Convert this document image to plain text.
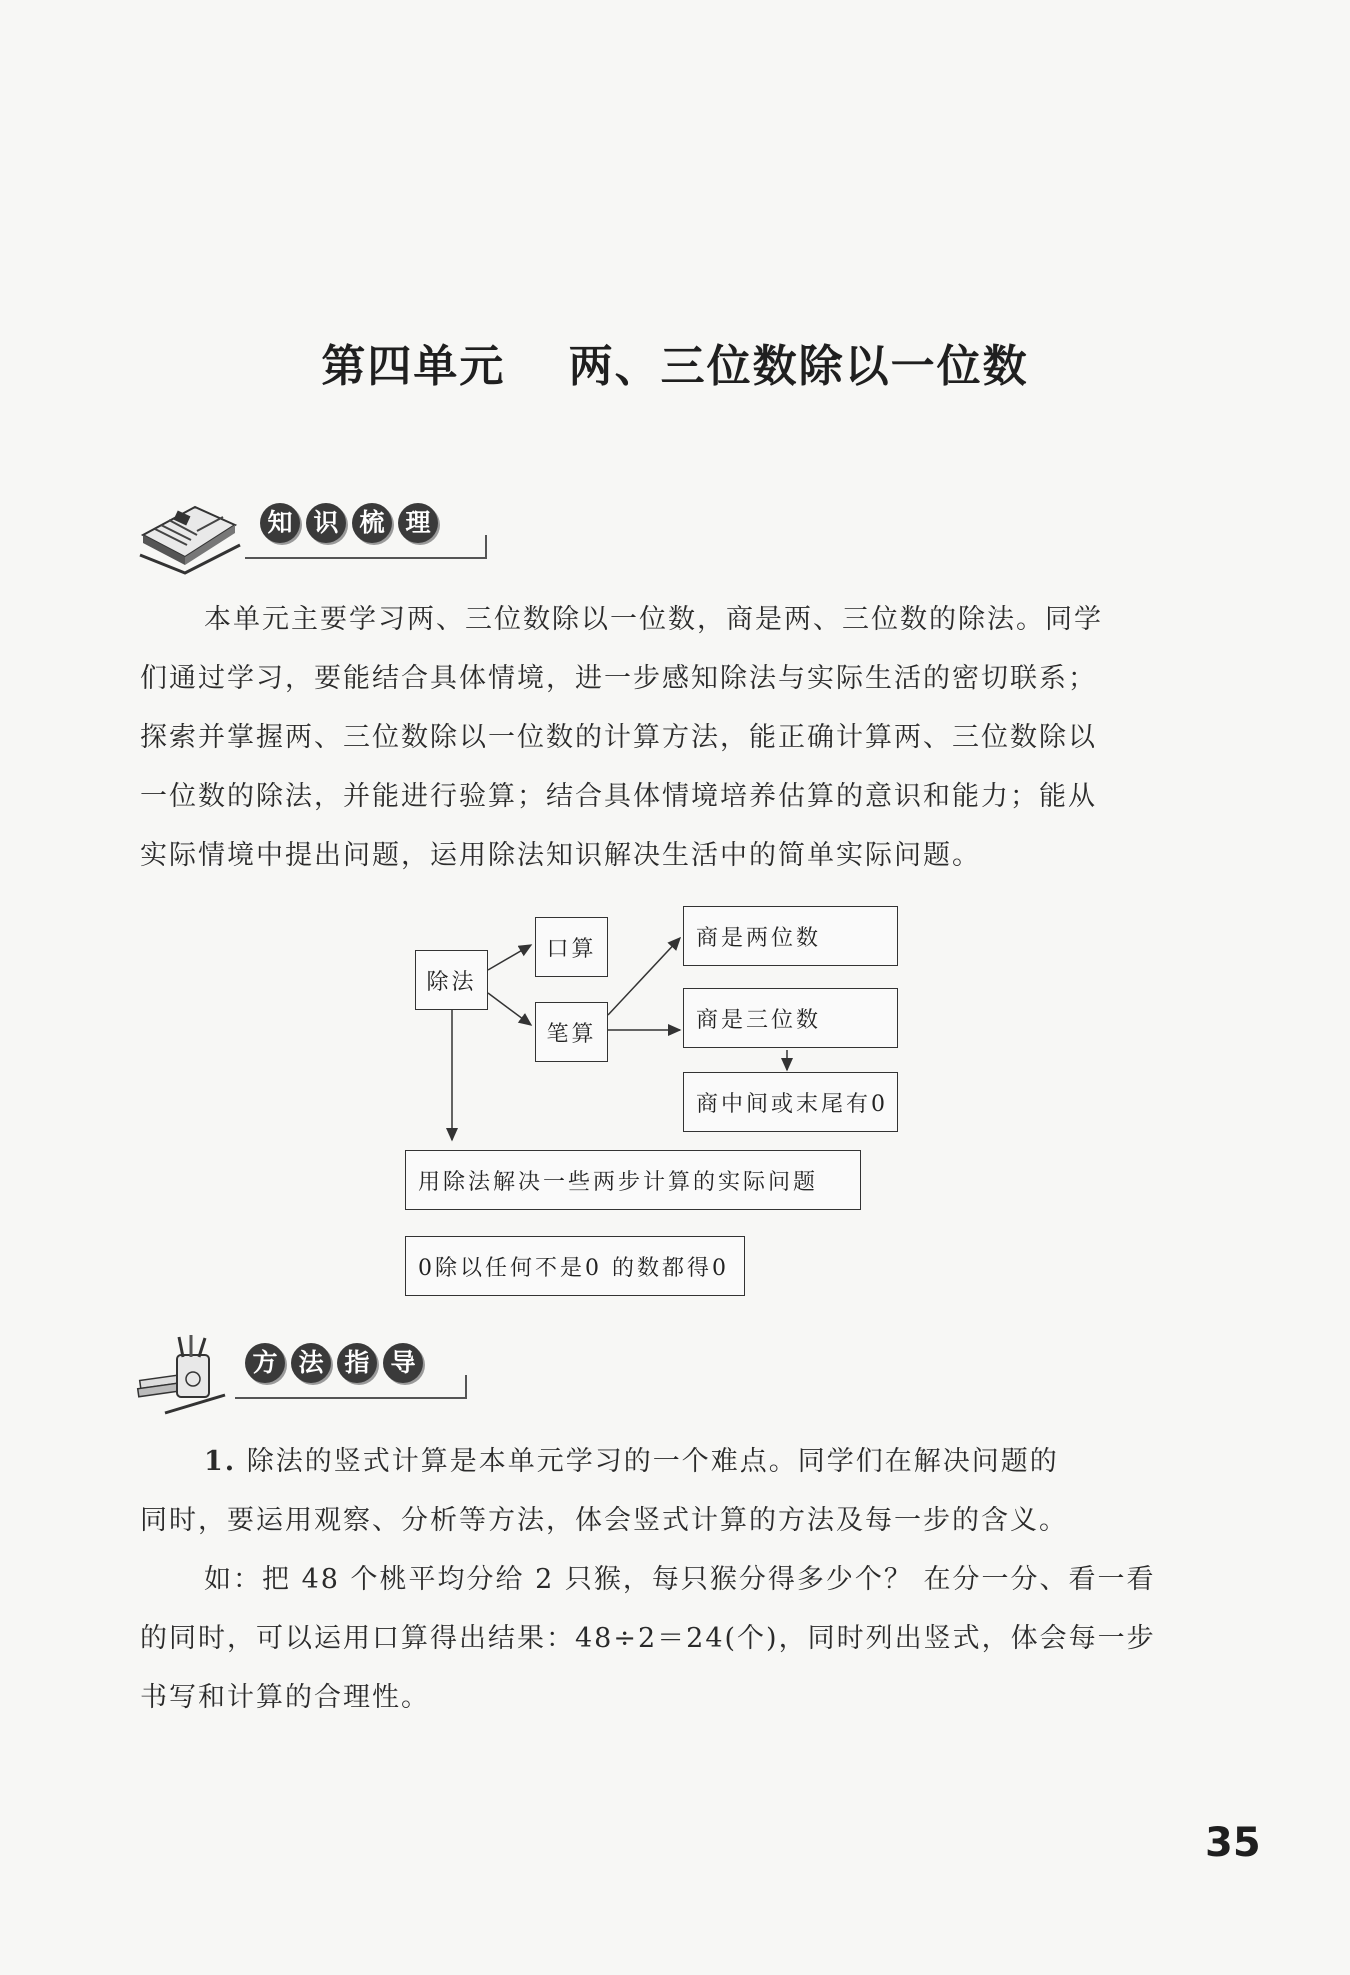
第四单元　 两、三位数除以一位数
知 识 梳 理
本单元主要学习两、三位数除以一位数，商是两、三位数的除法。同学
们通过学习，要能结合具体情境，进一步感知除法与实际生活的密切联系；
探索并掌握两、三位数除以一位数的计算方法，能正确计算两、三位数除以
一位数的除法，并能进行验算；结合具体情境培养估算的意识和能力；能从
实际情境中提出问题，运用除法知识解决生活中的简单实际问题。
除法
口算
笔算
商是两位数
商是三位数
商中间或末尾有0
用除法解决一些两步计算的实际问题
0除以任何不是0 的数都得0
方 法 指 导
1. 除法的竖式计算是本单元学习的一个难点。同学们在解决问题的
同时，要运用观察、分析等方法，体会竖式计算的方法及每一步的含义。
如：把 48 个桃平均分给 2 只猴，每只猴分得多少个？ 在分一分、看一看
的同时，可以运用口算得出结果：48÷2＝24(个)，同时列出竖式，体会每一步
书写和计算的合理性。
35
